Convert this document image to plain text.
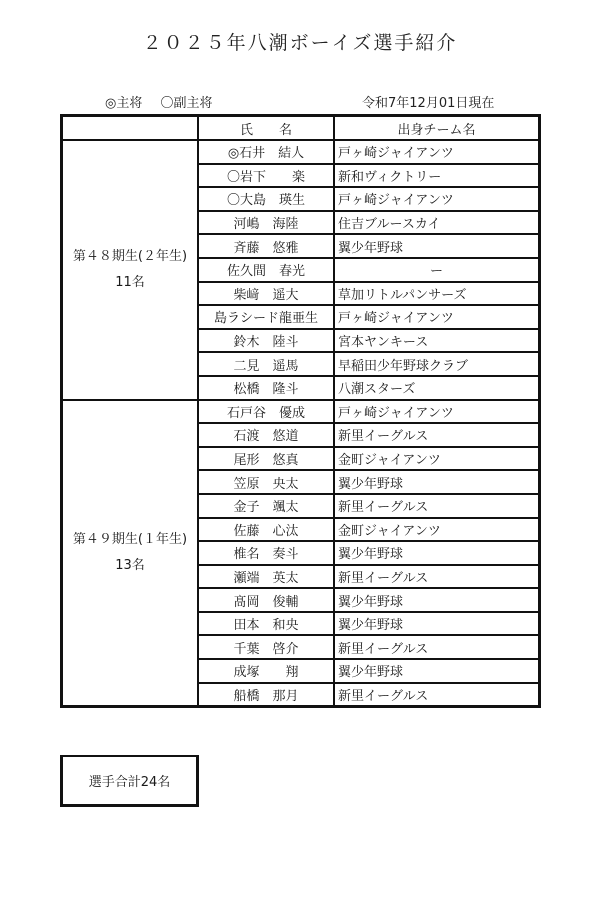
２０２５年八潮ボーイズ選手紹介
◎主将 〇副主将	令和7年12月01日現在
	氏　　名	出身チーム名

第４８期生(２年生)
11名	◎石井　結人	戸ヶ崎ジャイアンツ
	〇岩下　　楽	新和ヴィクトリー
	〇大島　瑛生	戸ヶ崎ジャイアンツ
	河嶋　海陸	住吉ブルースカイ
	斉藤　悠雅	翼少年野球
	佐久間　春光	ー
	柴﨑　遥大	草加リトルパンサーズ
	島ラシード龍亜生	戸ヶ崎ジャイアンツ
	鈴木　陸斗	宮本ヤンキース
	二見　遥馬	早稲田少年野球クラブ
	松橋　隆斗	八潮スターズ

第４９期生(１年生)
13名	石戸谷　優成	戸ヶ崎ジャイアンツ
	石渡　悠道	新里イーグルス
	尾形　悠真	金町ジャイアンツ
	笠原　央太	翼少年野球
	金子　颯太	新里イーグルス
	佐藤　心汰	金町ジャイアンツ
	椎名　奏斗	翼少年野球
	瀬端　英太	新里イーグルス
	髙岡　俊輔	翼少年野球
	田本　和央	翼少年野球
	千葉　啓介	新里イーグルス
	成塚　　翔	翼少年野球
	船橋　那月	新里イーグルス
選手合計24名
